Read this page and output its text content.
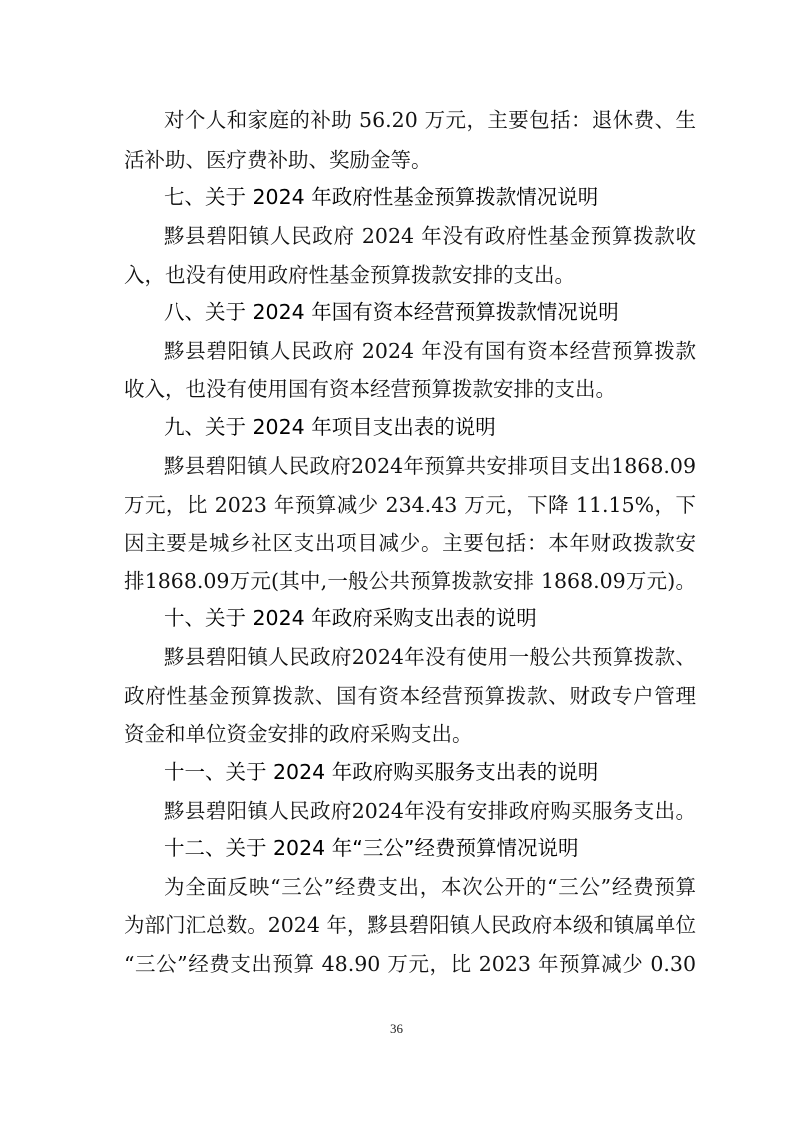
对个人和家庭的补助 56.20 万元，主要包括：退休费、生
活补助、医疗费补助、奖励金等。
七、关于 2024 年政府性基金预算拨款情况说明
黟县碧阳镇人民政府 2024 年没有政府性基金预算拨款收
入，也没有使用政府性基金预算拨款安排的支出。
八、关于 2024 年国有资本经营预算拨款情况说明
黟县碧阳镇人民政府 2024 年没有国有资本经营预算拨款
收入，也没有使用国有资本经营预算拨款安排的支出。
九、关于 2024 年项目支出表的说明
黟县碧阳镇人民政府2024年预算共安排项目支出1868.09
万元，比 2023 年预算减少 234.43 万元，下降 11.15%，下
因主要是城乡社区支出项目减少。主要包括：本年财政拨款安
排1868.09万元(其中,一般公共预算拨款安排 1868.09万元)。
十、关于 2024 年政府采购支出表的说明
黟县碧阳镇人民政府2024年没有使用一般公共预算拨款、
政府性基金预算拨款、国有资本经营预算拨款、财政专户管理
资金和单位资金安排的政府采购支出。
十一、关于 2024 年政府购买服务支出表的说明
黟县碧阳镇人民政府2024年没有安排政府购买服务支出。
十二、关于 2024 年“三公”经费预算情况说明
为全面反映“三公”经费支出，本次公开的“三公”经费预算
为部门汇总数。2024 年，黟县碧阳镇人民政府本级和镇属单位
“三公”经费支出预算 48.90 万元，比 2023 年预算减少 0.30
36
